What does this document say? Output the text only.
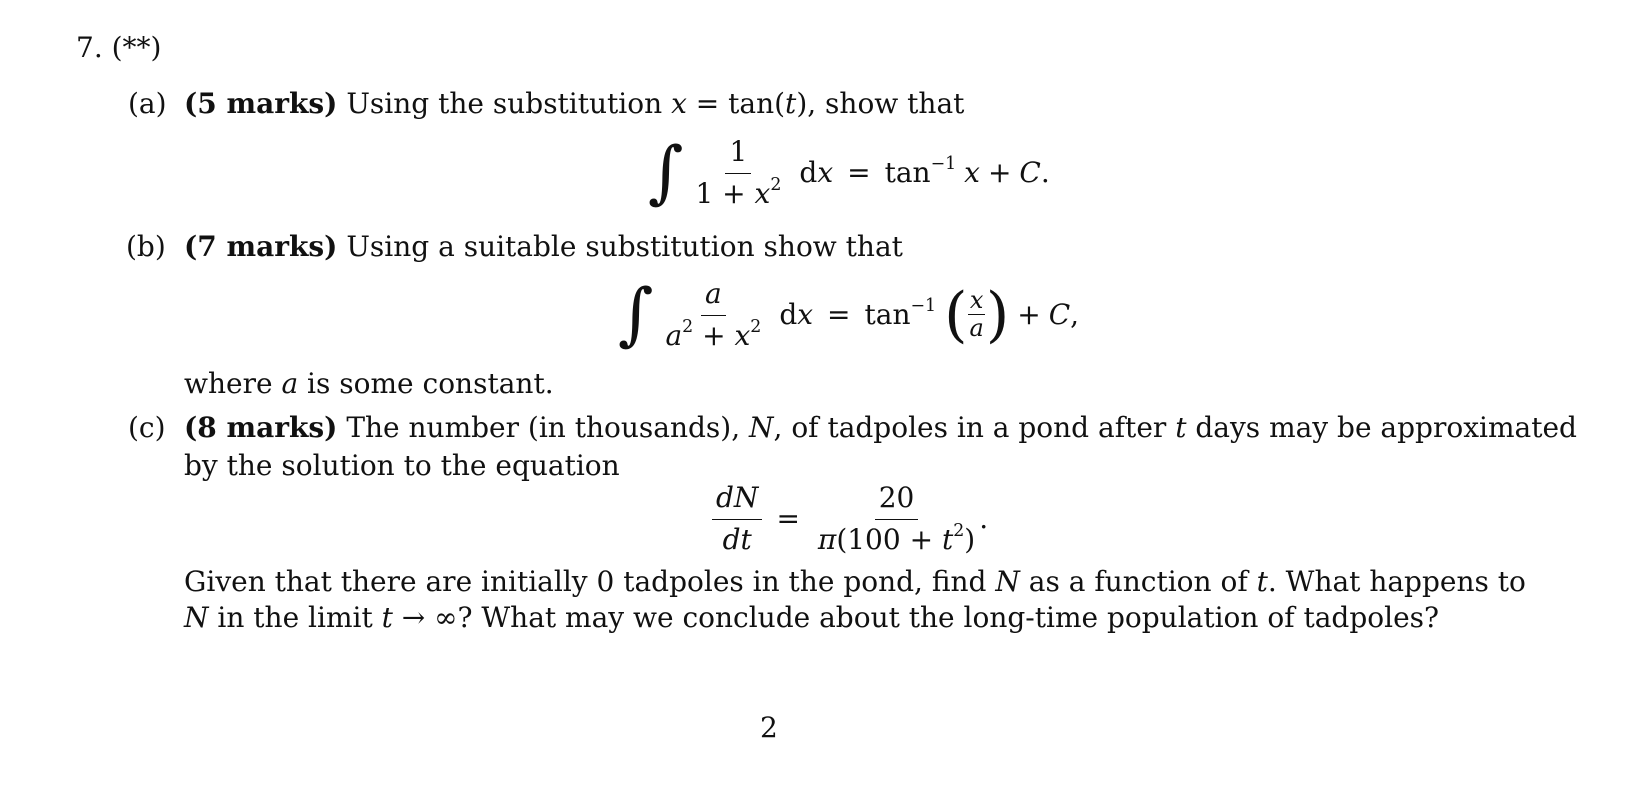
7. (**)
(a) (5 marks) Using the substitution x = tan(t), show that
∫ $\frac{1}{1 + x^2}$ dx = $\tan^{-1} x + C$ .
(b) (7 marks) Using a suitable substitution show that
∫ $\frac{a}{a^2 + x^2}$ dx = $\tan^{-1}$ ( $\frac{x}{a}$ ) + C ,
where a is some constant.
(c) (8 marks) The number (in thousands), N, of tadpoles in a pond after t days may be approximated
by the solution to the equation
$\frac{dN}{dt} = \frac{20}{\pi(100 + t^2)}$ .
Given that there are initially 0 tadpoles in the pond, find N as a function of t. What happens to
N in the limit t → ∞? What may we conclude about the long-time population of tadpoles?
2
